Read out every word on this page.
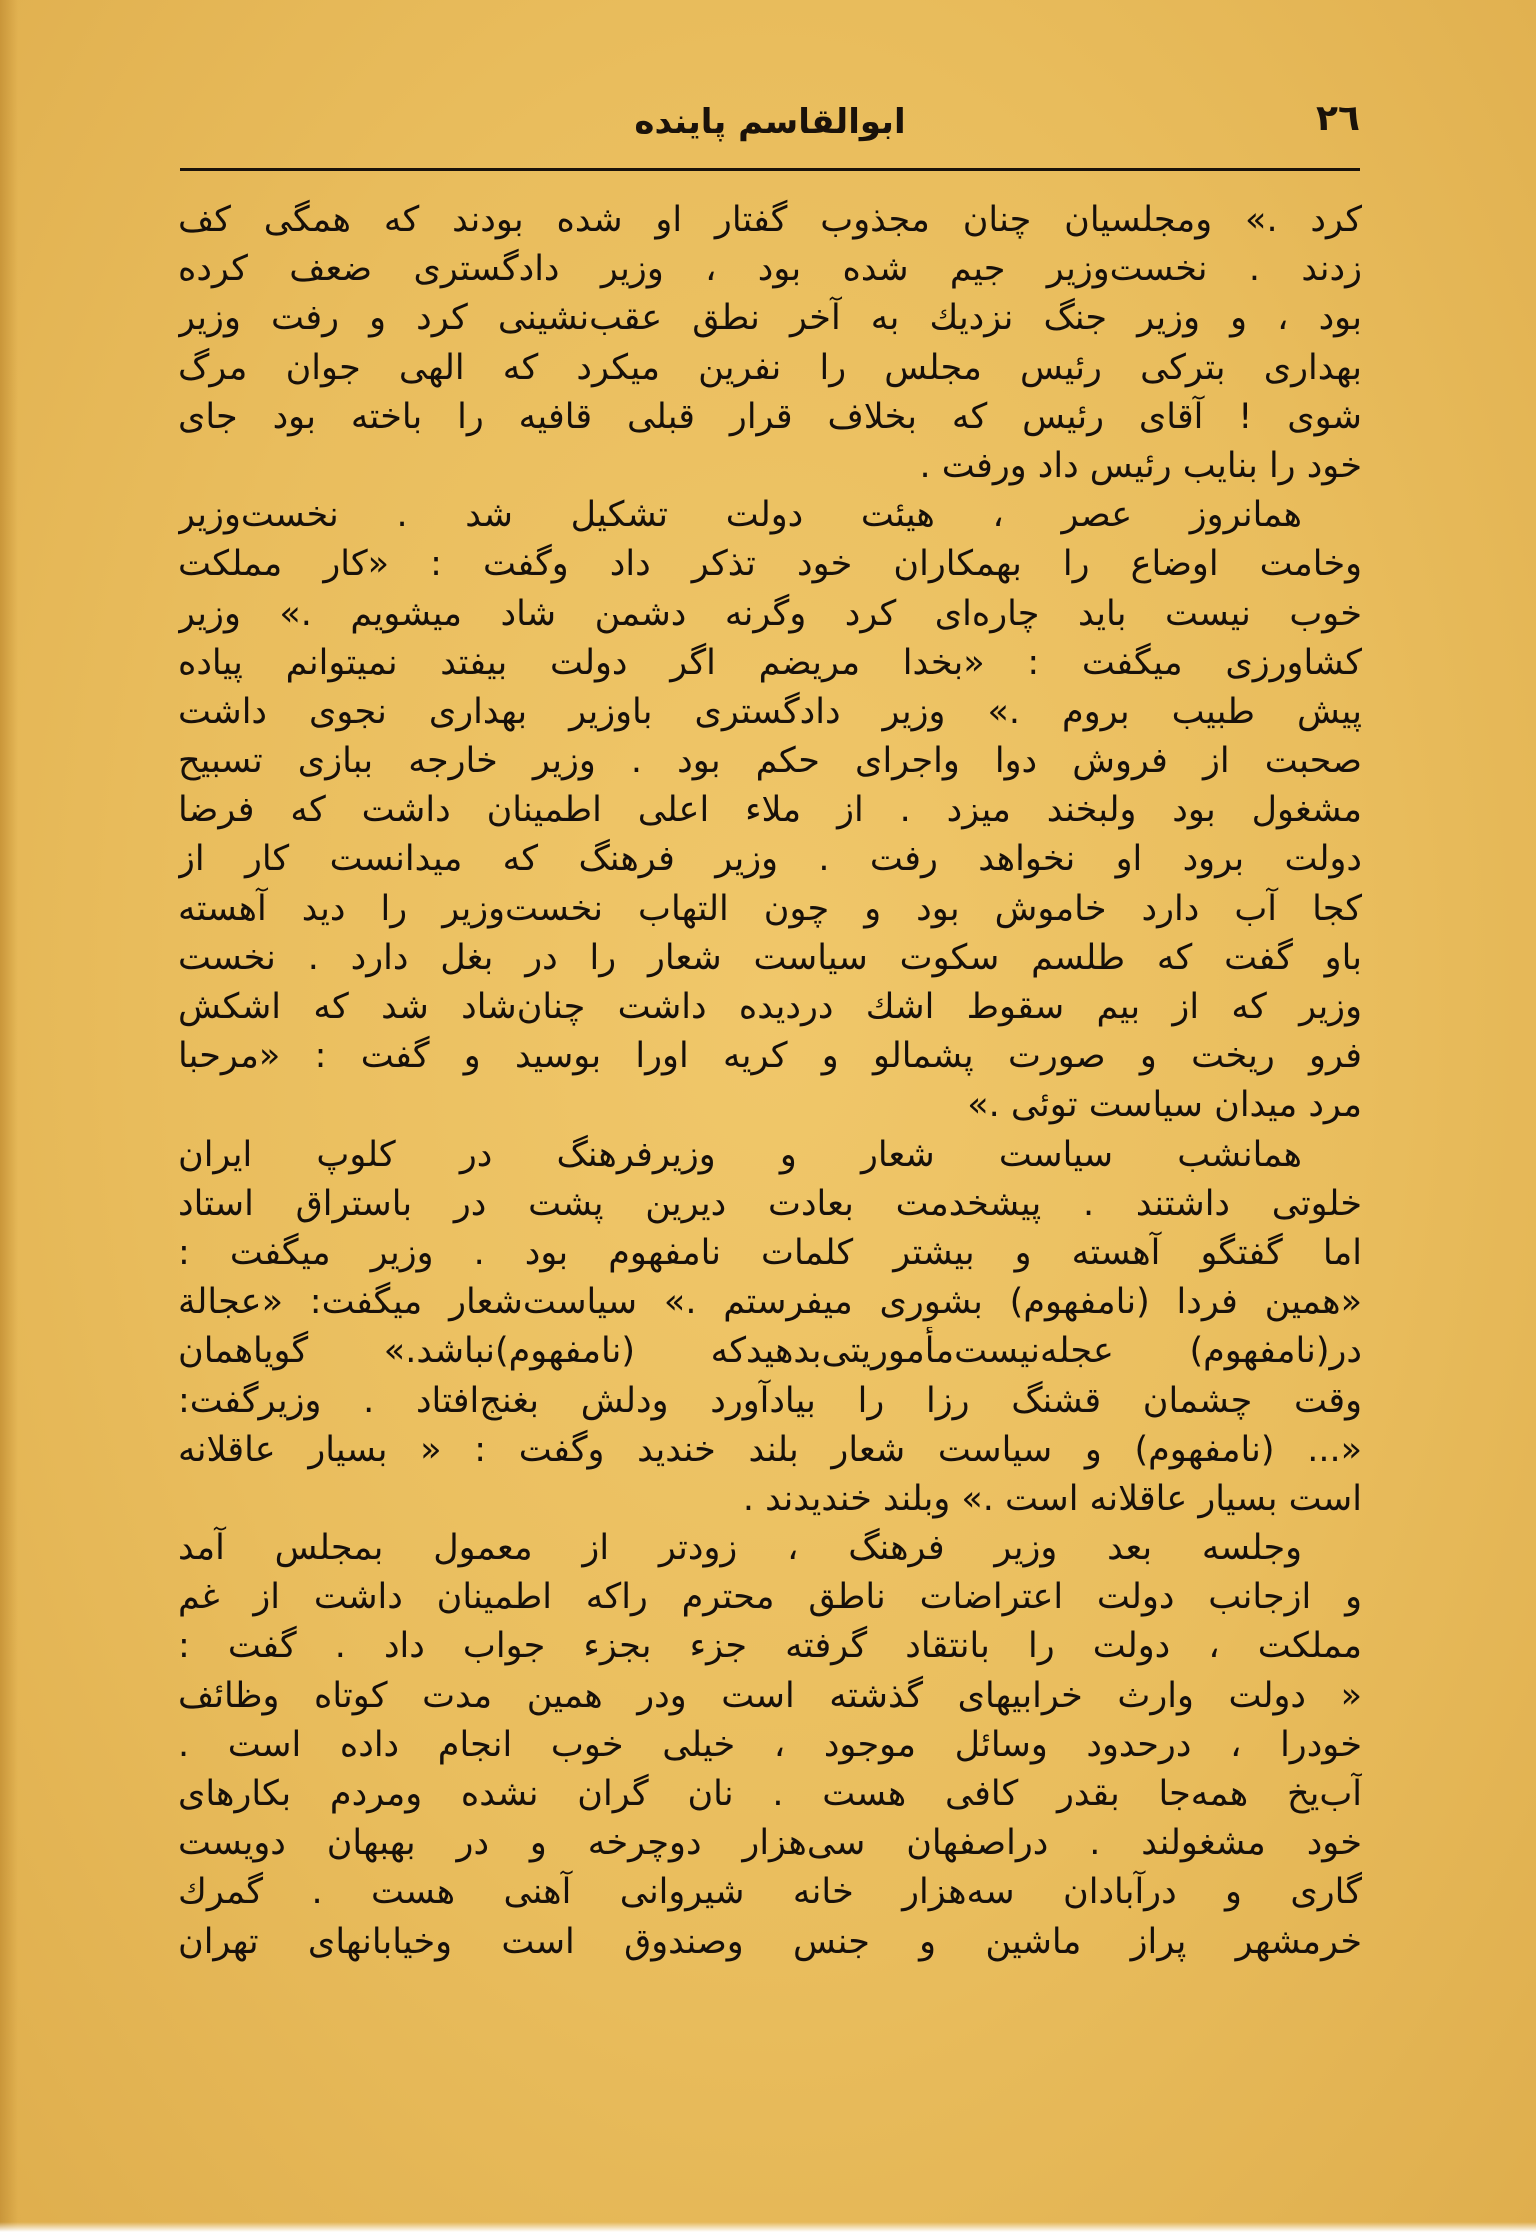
٢٦
ابوالقاسم پاینده
کرد .» ومجلسیان چنان مجذوب گفتار او شده بودند که همگی کف
زدند . نخست‌وزیر جیم شده بود ، وزیر دادگستری ضعف کرده
بود ، و وزیر جنگ نزدیك به آخر نطق عقب‌نشینی کرد و رفت وزیر
بهداری بترکی رئیس مجلس را نفرین میکرد که الهی جوان مرگ
شوی ! آقای رئیس که بخلاف قرار قبلی قافیه را باخته بود جای
خود را بنایب رئیس داد ورفت .
همانروز عصر ، هیئت دولت تشکیل شد . نخست‌وزیر
وخامت اوضاع را بهمکاران خود تذکر داد وگفت : «کار مملکت
خوب نیست باید چاره‌ای کرد وگرنه دشمن شاد میشویم .» وزیر
کشاورزی میگفت : «بخدا مریضم اگر دولت بیفتد نمیتوانم پیاده
پیش طبیب بروم .» وزیر دادگستری باوزیر بهداری نجوی داشت
صحبت از فروش دوا واجرای حکم بود . وزیر خارجه ببازی تسبیح
مشغول بود ولبخند میزد . از ملاء اعلی اطمینان داشت که فرضا
دولت برود او نخواهد رفت . وزیر فرهنگ که میدانست کار از
کجا آب دارد خاموش بود و چون التهاب نخست‌وزیر را دید آهسته
باو گفت که طلسم سکوت سیاست شعار را در بغل دارد . نخست
وزیر که از بیم سقوط اشك دردیده داشت چنان‌شاد شد که اشکش
فرو ریخت و صورت پشمالو و کریه اورا بوسید و گفت : «مرحبا
مرد میدان سیاست توئی .»
همانشب سیاست شعار و وزیرفرهنگ در کلوپ ایران
خلوتی داشتند . پیشخدمت بعادت دیرین پشت در باستراق استاد
اما گفتگو آهسته و بیشتر کلمات نامفهوم بود . وزیر میگفت :
«همین فردا (نامفهوم) بشوری میفرستم .» سیاست‌شعار میگفت: «عجالة
در(نامفهوم) عجله‌نیست‌مأموریتی‌بدهیدکه (نامفهوم)نباشد.» گویاهمان
وقت چشمان قشنگ رزا را بیادآورد ودلش بغنج‌افتاد . وزیرگفت:
«... (نامفهوم) و سیاست شعار بلند خندید وگفت : « بسیار عاقلانه
است بسیار عاقلانه است .» وبلند خندیدند .
وجلسه بعد وزیر فرهنگ ، زودتر از معمول بمجلس آمد
و ازجانب دولت اعتراضات ناطق محترم راکه اطمینان داشت از غم
مملکت ، دولت را بانتقاد گرفته جزء بجزء جواب داد . گفت :
« دولت وارث خرابیهای گذشته است ودر همین مدت کوتاه وظائف
خودرا ، درحدود وسائل موجود ، خیلی خوب انجام داده است .
آب‌یخ همه‌جا بقدر کافی هست . نان گران نشده ومردم بکارهای
خود مشغولند . دراصفهان سی‌هزار دوچرخه و در بهبهان دویست
گاری و درآبادان سه‌هزار خانه شیروانی آهنی هست . گمرك
خرمشهر پراز ماشین و جنس وصندوق است وخیابانهای تهران
